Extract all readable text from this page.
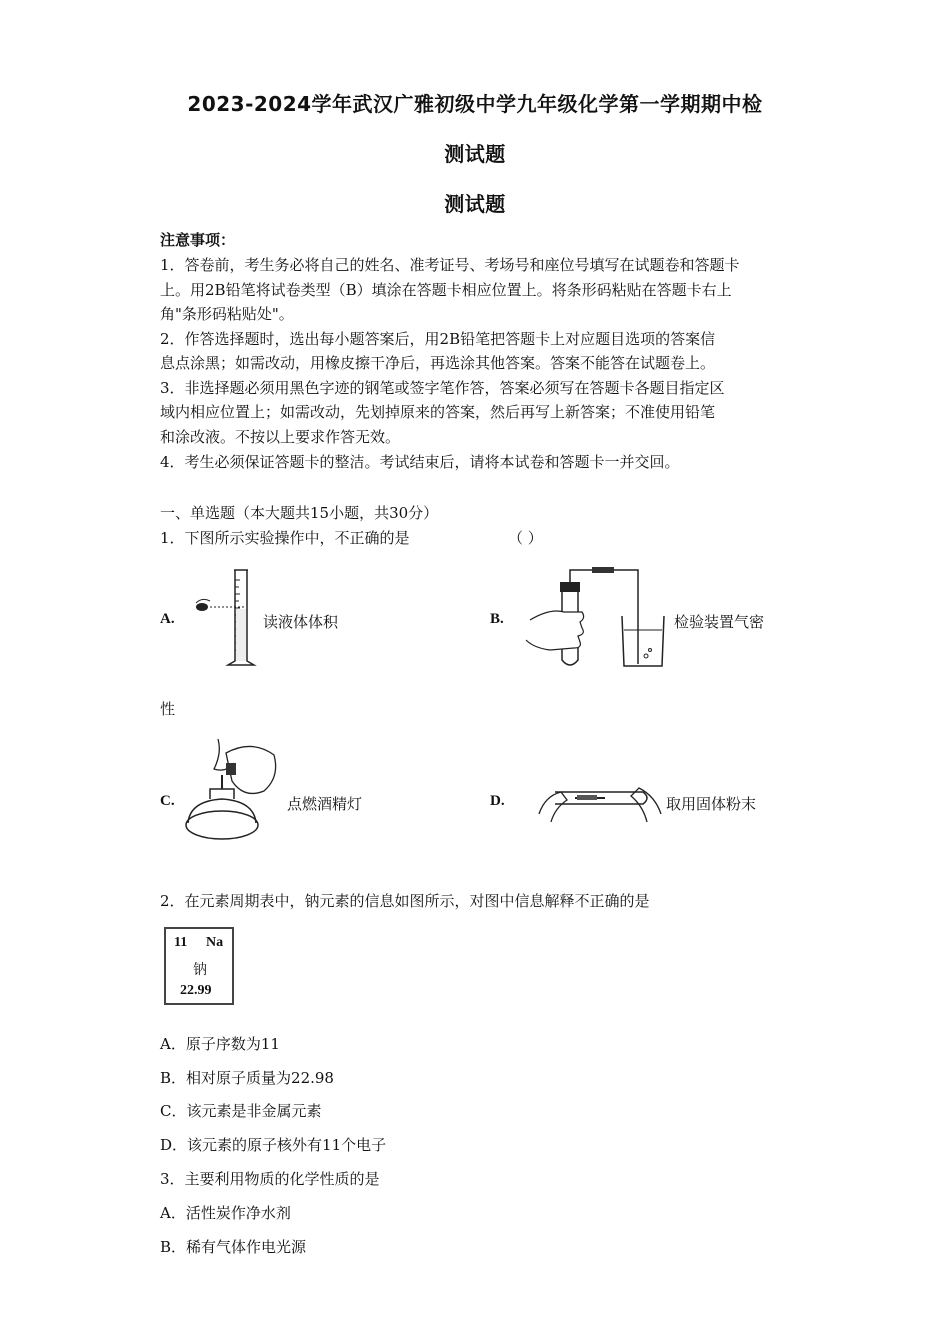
2023-2024学年武汉广雅初级中学九年级化学第一学期期中检
测试题
测试题
注意事项：
1．答卷前，考生务必将自己的姓名、准考证号、考场号和座位号填写在试题卷和答题卡
上。用2B铅笔将试卷类型（B）填涂在答题卡相应位置上。将条形码粘贴在答题卡右上
角"条形码粘贴处"。
2．作答选择题时，选出每小题答案后，用2B铅笔把答题卡上对应题目选项的答案信
息点涂黑；如需改动，用橡皮擦干净后，再选涂其他答案。答案不能答在试题卷上。
3．非选择题必须用黑色字迹的钢笔或签字笔作答，答案必须写在答题卡各题目指定区
域内相应位置上；如需改动，先划掉原来的答案，然后再写上新答案；不准使用铅笔
和涂改液。不按以上要求作答无效。
4．考生必须保证答题卡的整洁。考试结束后，请将本试卷和答题卡一并交回。
一、单选题（本大题共15小题，共30分）
1．下图所示实验操作中，不正确的是	（ ）
A.	读液体体积	B.	检验装置气密
性
C.	点燃酒精灯	D.	取用固体粉末
2．在元素周期表中，钠元素的信息如图所示，对图中信息解释不正确的是
11 Na
钠
22.99
A．原子序数为11
B．相对原子质量为22.98
C．该元素是非金属元素
D．该元素的原子核外有11个电子
3．主要利用物质的化学性质的是
A．活性炭作净水剂
B．稀有气体作电光源
